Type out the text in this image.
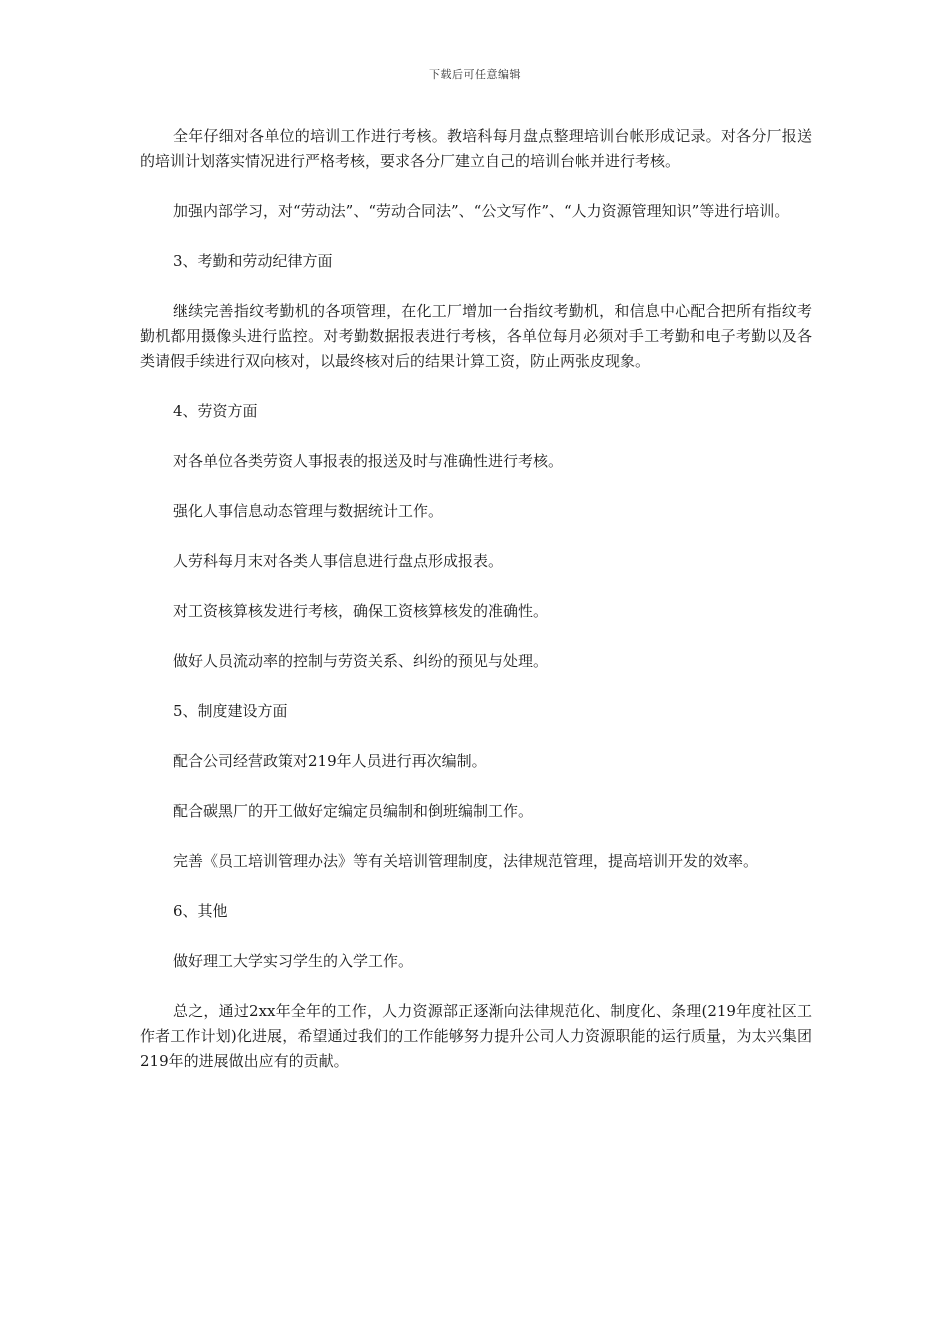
下载后可任意编辑

全年仔细对各单位的培训工作进行考核。教培科每月盘点整理培训台帐形成记录。对各分厂报送的培训计划落实情况进行严格考核，要求各分厂建立自己的培训台帐并进行考核。

加强内部学习，对“劳动法”、“劳动合同法”、“公文写作”、“人力资源管理知识”等进行培训。

3、考勤和劳动纪律方面

继续完善指纹考勤机的各项管理，在化工厂增加一台指纹考勤机，和信息中心配合把所有指纹考勤机都用摄像头进行监控。对考勤数据报表进行考核，各单位每月必须对手工考勤和电子考勤以及各类请假手续进行双向核对，以最终核对后的结果计算工资，防止两张皮现象。

4、劳资方面

对各单位各类劳资人事报表的报送及时与准确性进行考核。

强化人事信息动态管理与数据统计工作。

人劳科每月末对各类人事信息进行盘点形成报表。

对工资核算核发进行考核，确保工资核算核发的准确性。

做好人员流动率的控制与劳资关系、纠纷的预见与处理。

5、制度建设方面

配合公司经营政策对219年人员进行再次编制。

配合碳黑厂的开工做好定编定员编制和倒班编制工作。

完善《员工培训管理办法》等有关培训管理制度，法律规范管理，提高培训开发的效率。

6、其他

做好理工大学实习学生的入学工作。

总之，通过2xx年全年的工作，人力资源部正逐渐向法律规范化、制度化、条理(219年度社区工作者工作计划)化进展，希望通过我们的工作能够努力提升公司人力资源职能的运行质量，为太兴集团219年的进展做出应有的贡献。
